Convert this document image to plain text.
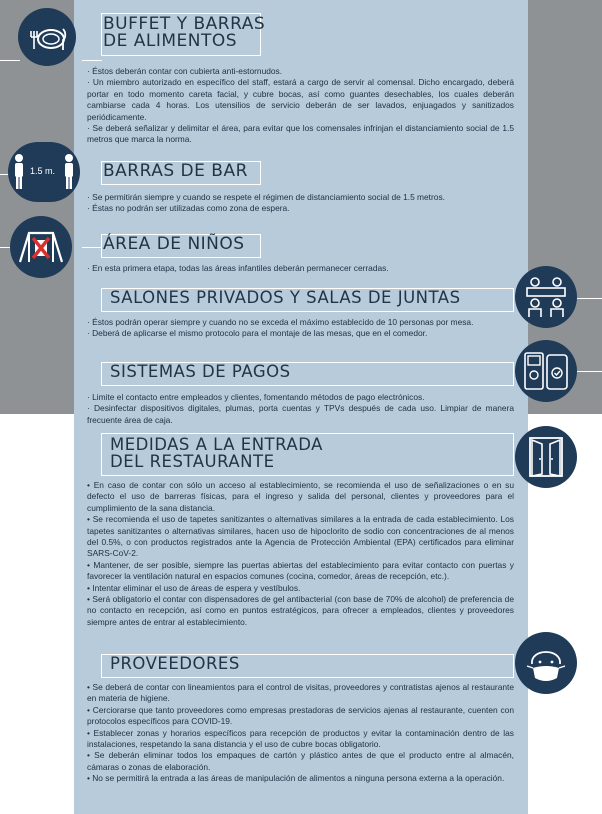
BUFFET Y BARRAS
DE ALIMENTOS

· Éstos deberán contar con cubierta anti-estornudos.

· Un miembro autorizado en específico del staff, estará a cargo de servir al comensal. Dicho encargado, deberá portar en todo momento careta facial, y cubre bocas, así como guantes desechables, los cuales deberán cambiarse cada 4 horas. Los utensilios de servicio deberán de ser lavados, enjuagados y sanitizados periódicamente.

· Se deberá señalizar y delimitar el área, para evitar que los comensales infrinjan el distanciamiento social de 1.5 metros que marca la norma.

1.5 m.	BARRAS DE BAR

· Se permitirán siempre y cuando se respete el régimen de distanciamiento social de 1.5 metros.

· Éstas no podrán ser utilizadas como zona de espera.

ÁREA DE NIÑOS

· En esta primera etapa, todas las áreas infantiles deberán permanecer cerradas.

SALONES PRIVADOS Y SALAS DE JUNTAS

· Éstos podrán operar siempre y cuando no se exceda el máximo establecido de 10 personas por mesa.

· Deberá de aplicarse el mismo protocolo para el montaje de las mesas, que en el comedor.

SISTEMAS DE PAGOS

· Limite el contacto entre empleados y clientes, fomentando métodos de pago electrónicos.

· Desinfectar dispositivos digitales, plumas, porta cuentas y TPVs después de cada uso. Limpiar de manera frecuente área de caja.

MEDIDAS A LA ENTRADA
DEL RESTAURANTE

• En caso de contar con sólo un acceso al establecimiento, se recomienda el uso de señalizaciones o en su defecto el uso de barreras físicas, para el ingreso y salida del personal, clientes y proveedores para el cumplimiento de la sana distancia.

• Se recomienda el uso de tapetes sanitizantes o alternativas similares a la entrada de cada establecimiento. Los tapetes sanitizantes o alternativas similares, hacen uso de hipoclorito de sodio con concentraciones de al menos del 0.5%, o con productos registrados ante la Agencia de Protección Ambiental (EPA) certificados para eliminar SARS-CoV-2.

• Mantener, de ser posible, siempre las puertas abiertas del establecimiento para evitar contacto con puertas y favorecer la ventilación natural en espacios comunes (cocina, comedor, áreas de recepción, etc.).

• Intentar eliminar el uso de áreas de espera y vestíbulos.

• Será obligatorio el contar con dispensadores de gel antibacterial (con base de 70% de alcohol) de preferencia de no contacto en recepción, así como en puntos estratégicos, para ofrecer a empleados, clientes y proveedores siempre antes de entrar al establecimiento.

PROVEEDORES

• Se deberá de contar con lineamientos para el control de visitas, proveedores y contratistas ajenos al restaurante en materia de higiene.

• Cerciorarse que tanto proveedores como empresas prestadoras de servicios ajenas al restaurante, cuenten con protocolos específicos para COVID-19.

• Establecer zonas y horarios específicos para recepción de productos y evitar la contaminación dentro de las instalaciones, respetando la sana distancia y el uso de cubre bocas obligatorio.

• Se deberán eliminar todos los empaques de cartón y plástico antes de que el producto entre al almacén, cámaras o zonas de elaboración.

• No se permitirá la entrada a las áreas de manipulación de alimentos a ninguna persona externa a la operación.
